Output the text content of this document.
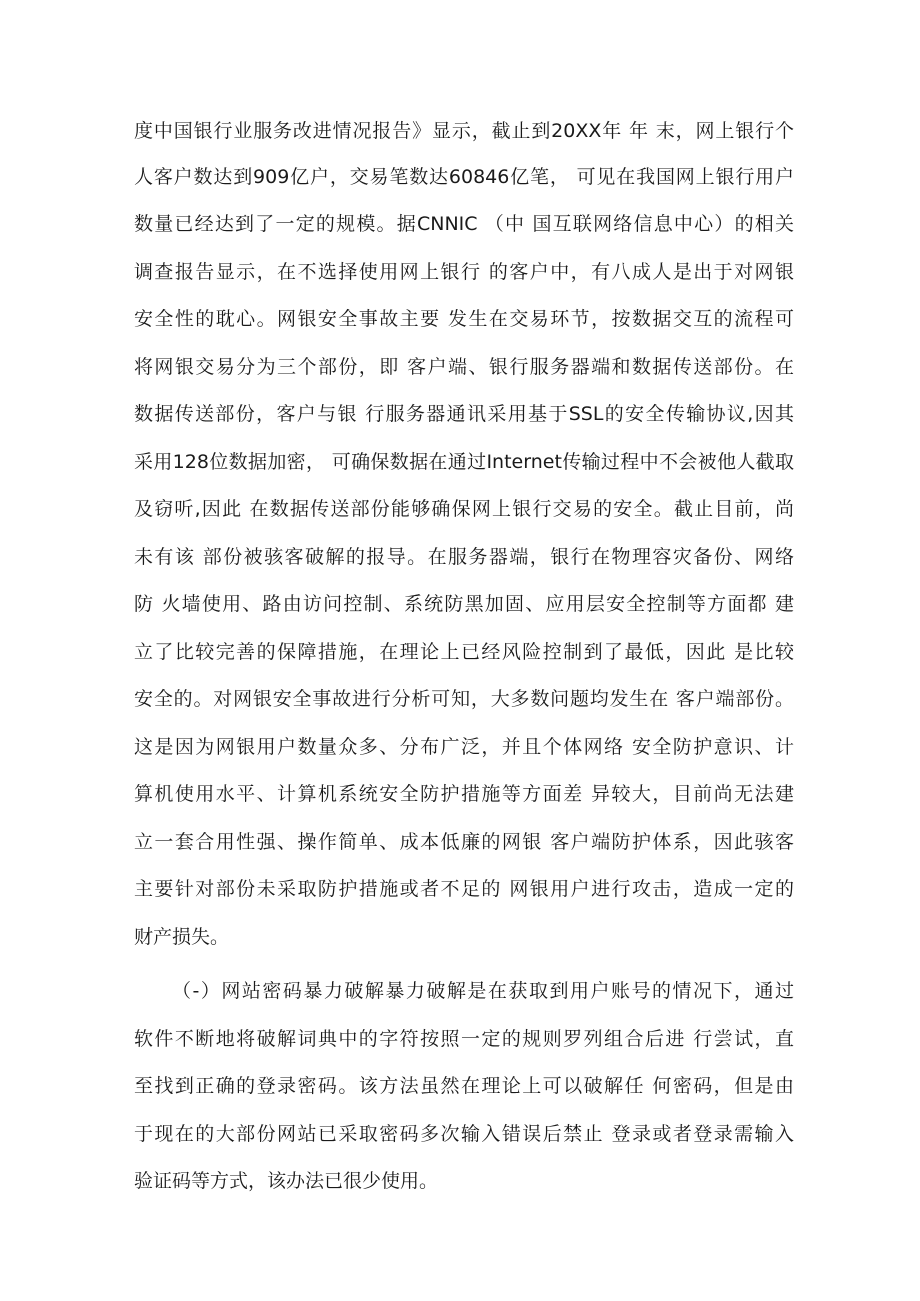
度中国银行业服务改进情况报告》显示，截止到20XX年 年 末，网上银行个
人客户数达到909亿户，交易笔数达60846亿笔， 可见在我国网上银行用户
数量已经达到了一定的规模。据CNNIC （中 国互联网络信息中心）的相关
调查报告显示，在不选择使用网上银行 的客户中，有八成人是出于对网银
安全性的耽心。网银安全事故主要 发生在交易环节，按数据交互的流程可
将网银交易分为三个部份，即 客户端、银行服务器端和数据传送部份。在
数据传送部份，客户与银 行服务器通讯采用基于SSL的安全传输协议,因其
采用128位数据加密， 可确保数据在通过Internet传输过程中不会被他人截取
及窃听,因此 在数据传送部份能够确保网上银行交易的安全。截止目前，尚
未有该 部份被骇客破解的报导。在服务器端，银行在物理容灾备份、网络
防 火墙使用、路由访问控制、系统防黑加固、应用层安全控制等方面都 建
立了比较完善的保障措施，在理论上已经风险控制到了最低，因此 是比较
安全的。对网银安全事故进行分析可知，大多数问题均发生在 客户端部份。
这是因为网银用户数量众多、分布广泛，并且个体网络 安全防护意识、计
算机使用水平、计算机系统安全防护措施等方面差 异较大，目前尚无法建
立一套合用性强、操作简单、成本低廉的网银 客户端防护体系，因此骇客
主要针对部份未采取防护措施或者不足的 网银用户进行攻击，造成一定的
财产损失。
（-）网站密码暴力破解暴力破解是在获取到用户账号的情况下，通过
软件不断地将破解词典中的字符按照一定的规则罗列组合后进 行尝试，直
至找到正确的登录密码。该方法虽然在理论上可以破解任 何密码，但是由
于现在的大部份网站已采取密码多次输入错误后禁止 登录或者登录需输入
验证码等方式，该办法已很少使用。
